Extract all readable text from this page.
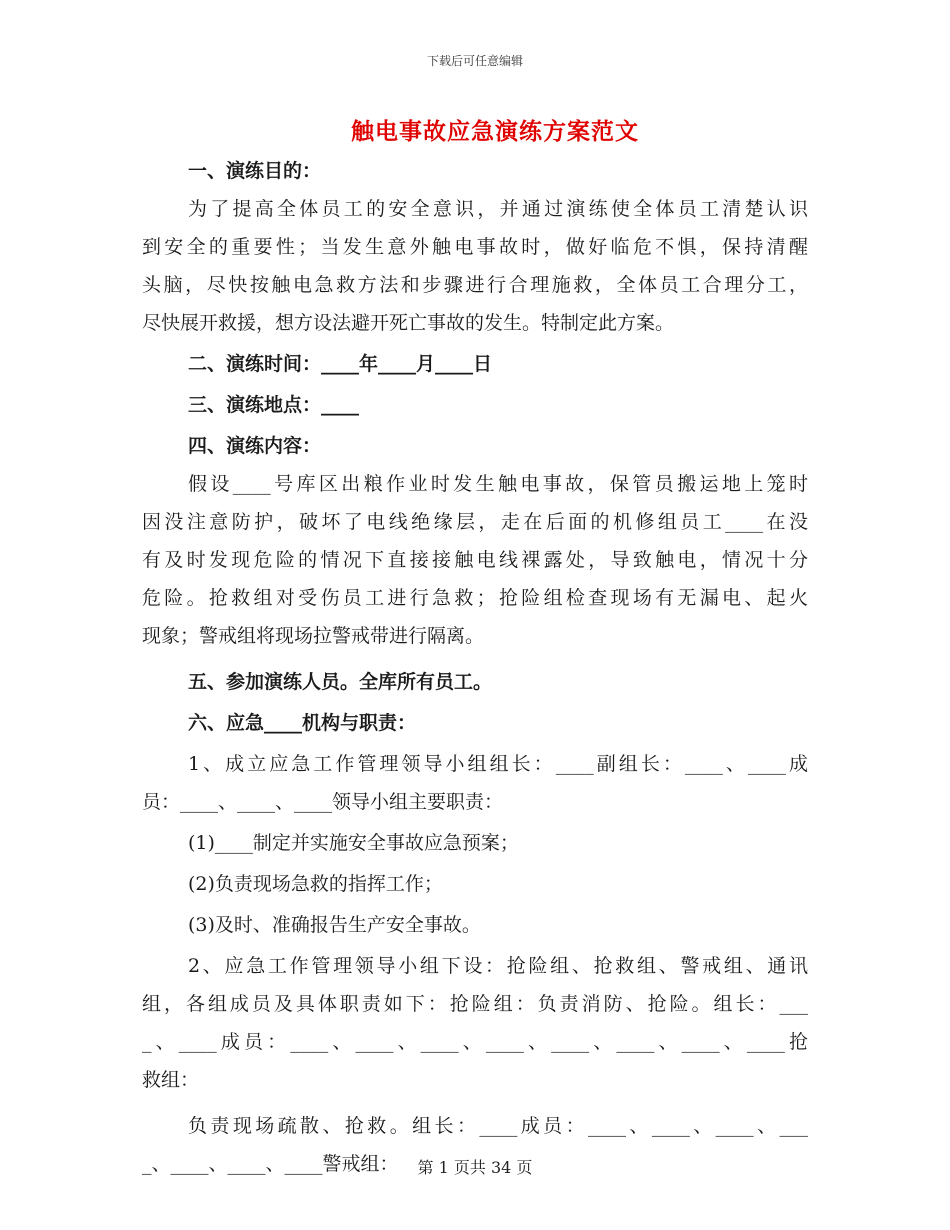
下载后可任意编辑
触电事故应急演练方案范文
一、演练目的：
为了提高全体员工的安全意识，并通过演练使全体员工清楚认识
到安全的重要性；当发生意外触电事故时，做好临危不惧，保持清醒
头脑，尽快按触电急救方法和步骤进行合理施救，全体员工合理分工，
尽快展开救援，想方设法避开死亡事故的发生。特制定此方案。
二、演练时间：____年____月____日
三、演练地点：____
四、演练内容：
假设____号库区出粮作业时发生触电事故，保管员搬运地上笼时
因没注意防护，破坏了电线绝缘层，走在后面的机修组员工____在没
有及时发现危险的情况下直接接触电线裸露处，导致触电，情况十分
危险。抢救组对受伤员工进行急救；抢险组检查现场有无漏电、起火
现象；警戒组将现场拉警戒带进行隔离。
五、参加演练人员。全库所有员工。
六、应急____机构与职责：
1、成立应急工作管理领导小组组长：____副组长：____、____成
员：____、____、____领导小组主要职责：
(1)____制定并实施安全事故应急预案；
(2)负责现场急救的指挥工作；
(3)及时、准确报告生产安全事故。
2、应急工作管理领导小组下设：抢险组、抢救组、警戒组、通讯
组，各组成员及具体职责如下：抢险组：负责消防、抢险。组长：___
_、____成员：____、____、____、____、____、____、____、____抢
救组：
负责现场疏散、抢救。组长：____成员：____、____、____、___
_、____、____、____警戒组：	第 1 页共 34 页
